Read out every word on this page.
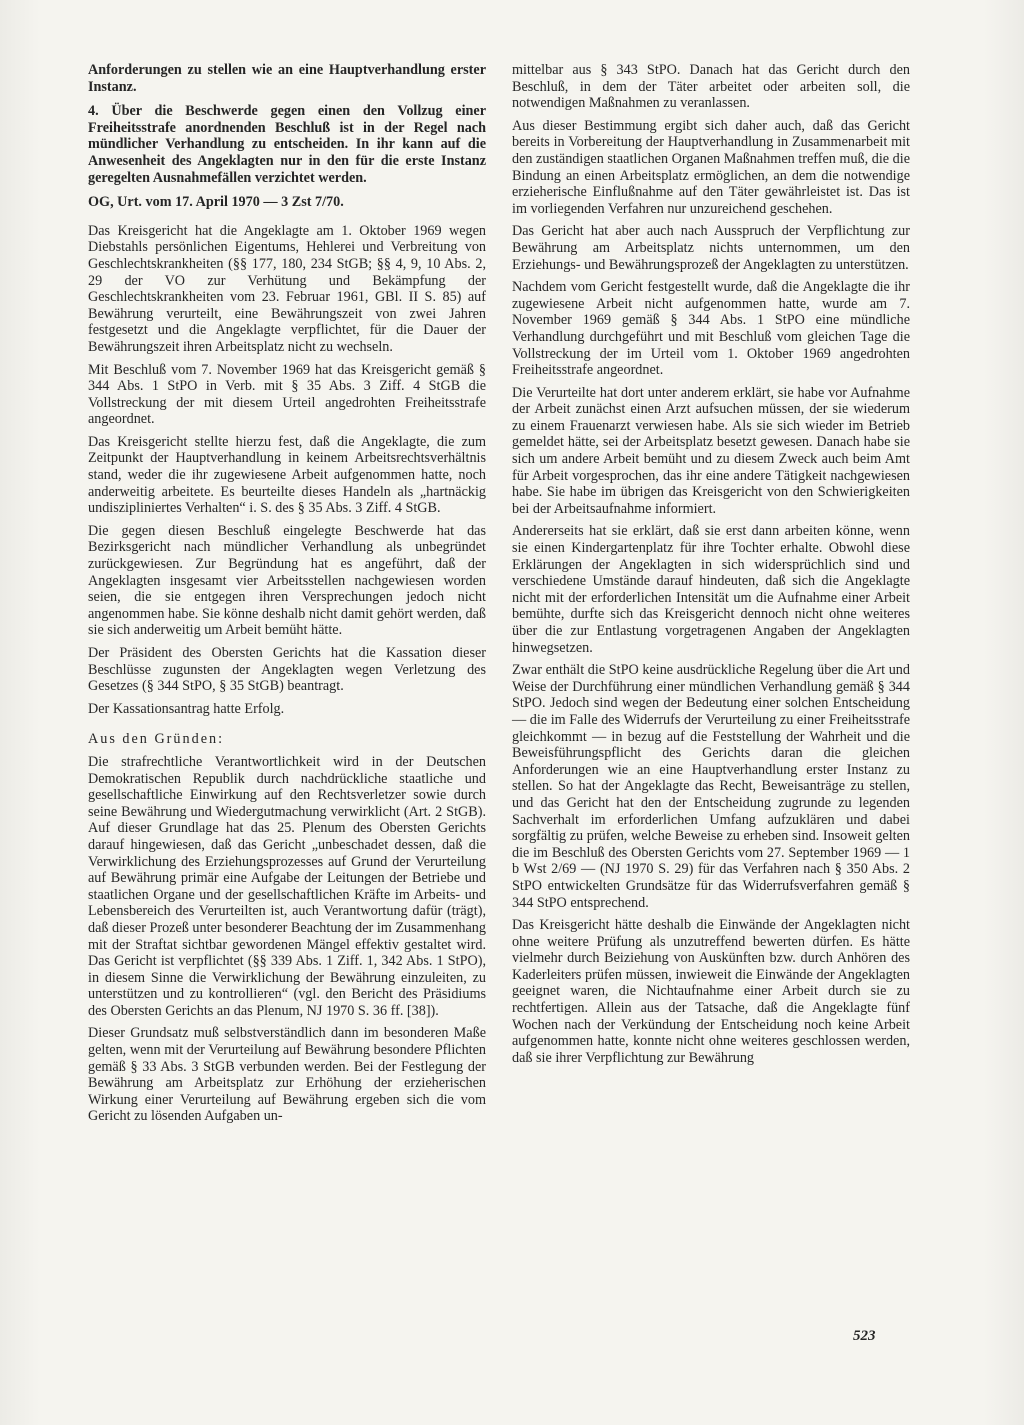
Anforderungen zu stellen wie an eine Hauptverhandlung erster Instanz.

4. Über die Beschwerde gegen einen den Vollzug einer Freiheitsstrafe anordnenden Beschluß ist in der Regel nach mündlicher Verhandlung zu entscheiden. In ihr kann auf die Anwesenheit des Angeklagten nur in den für die erste Instanz geregelten Ausnahmefällen verzichtet werden.

OG, Urt. vom 17. April 1970 — 3 Zst 7/70.

Das Kreisgericht hat die Angeklagte am 1. Oktober 1969 wegen Diebstahls persönlichen Eigentums, Hehlerei und Verbreitung von Geschlechtskrankheiten (§§ 177, 180, 234 StGB; §§ 4, 9, 10 Abs. 2, 29 der VO zur Verhütung und Bekämpfung der Geschlechtskrankheiten vom 23. Februar 1961, GBl. II S. 85) auf Bewährung verurteilt, eine Bewährungszeit von zwei Jahren festgesetzt und die Angeklagte verpflichtet, für die Dauer der Bewährungszeit ihren Arbeitsplatz nicht zu wechseln.

Mit Beschluß vom 7. November 1969 hat das Kreisgericht gemäß § 344 Abs. 1 StPO in Verb. mit § 35 Abs. 3 Ziff. 4 StGB die Vollstreckung der mit diesem Urteil angedrohten Freiheitsstrafe angeordnet.

Das Kreisgericht stellte hierzu fest, daß die Angeklagte, die zum Zeitpunkt der Hauptverhandlung in keinem Arbeitsrechtsverhältnis stand, weder die ihr zugewiesene Arbeit aufgenommen hatte, noch anderweitig arbeitete. Es beurteilte dieses Handeln als „hartnäckig undiszipliniertes Verhalten“ i. S. des § 35 Abs. 3 Ziff. 4 StGB.

Die gegen diesen Beschluß eingelegte Beschwerde hat das Bezirksgericht nach mündlicher Verhandlung als unbegründet zurückgewiesen. Zur Begründung hat es angeführt, daß der Angeklagten insgesamt vier Arbeitsstellen nachgewiesen worden seien, die sie entgegen ihren Versprechungen jedoch nicht angenommen habe. Sie könne deshalb nicht damit gehört werden, daß sie sich anderweitig um Arbeit bemüht hätte.

Der Präsident des Obersten Gerichts hat die Kassation dieser Beschlüsse zugunsten der Angeklagten wegen Verletzung des Gesetzes (§ 344 StPO, § 35 StGB) beantragt.

Der Kassationsantrag hatte Erfolg.

Aus den Gründen:

Die strafrechtliche Verantwortlichkeit wird in der Deutschen Demokratischen Republik durch nachdrückliche staatliche und gesellschaftliche Einwirkung auf den Rechtsverletzer sowie durch seine Bewährung und Wiedergutmachung verwirklicht (Art. 2 StGB). Auf dieser Grundlage hat das 25. Plenum des Obersten Gerichts darauf hingewiesen, daß das Gericht „unbeschadet dessen, daß die Verwirklichung des Erziehungsprozesses auf Grund der Verurteilung auf Bewährung primär eine Aufgabe der Leitungen der Betriebe und staatlichen Organe und der gesellschaftlichen Kräfte im Arbeits- und Lebensbereich des Verurteilten ist, auch Verantwortung dafür (trägt), daß dieser Prozeß unter besonderer Beachtung der im Zusammenhang mit der Straftat sichtbar gewordenen Mängel effektiv gestaltet wird. Das Gericht ist verpflichtet (§§ 339 Abs. 1 Ziff. 1, 342 Abs. 1 StPO), in diesem Sinne die Verwirklichung der Bewährung einzuleiten, zu unterstützen und zu kontrollieren“ (vgl. den Bericht des Präsidiums des Obersten Gerichts an das Plenum, NJ 1970 S. 36 ff. [38]).

Dieser Grundsatz muß selbstverständlich dann im besonderen Maße gelten, wenn mit der Verurteilung auf Bewährung besondere Pflichten gemäß § 33 Abs. 3 StGB verbunden werden. Bei der Festlegung der Bewährung am Arbeitsplatz zur Erhöhung der erzieherischen Wirkung einer Verurteilung auf Bewährung ergeben sich die vom Gericht zu lösenden Aufgaben un-

mittelbar aus § 343 StPO. Danach hat das Gericht durch den Beschluß, in dem der Täter arbeitet oder arbeiten soll, die notwendigen Maßnahmen zu veranlassen.

Aus dieser Bestimmung ergibt sich daher auch, daß das Gericht bereits in Vorbereitung der Hauptverhandlung in Zusammenarbeit mit den zuständigen staatlichen Organen Maßnahmen treffen muß, die die Bindung an einen Arbeitsplatz ermöglichen, an dem die notwendige erzieherische Einflußnahme auf den Täter gewährleistet ist. Das ist im vorliegenden Verfahren nur unzureichend geschehen.

Das Gericht hat aber auch nach Ausspruch der Verpflichtung zur Bewährung am Arbeitsplatz nichts unternommen, um den Erziehungs- und Bewährungsprozeß der Angeklagten zu unterstützen.

Nachdem vom Gericht festgestellt wurde, daß die Angeklagte die ihr zugewiesene Arbeit nicht aufgenommen hatte, wurde am 7. November 1969 gemäß § 344 Abs. 1 StPO eine mündliche Verhandlung durchgeführt und mit Beschluß vom gleichen Tage die Vollstreckung der im Urteil vom 1. Oktober 1969 angedrohten Freiheitsstrafe angeordnet.

Die Verurteilte hat dort unter anderem erklärt, sie habe vor Aufnahme der Arbeit zunächst einen Arzt aufsuchen müssen, der sie wiederum zu einem Frauenarzt verwiesen habe. Als sie sich wieder im Betrieb gemeldet hätte, sei der Arbeitsplatz besetzt gewesen. Danach habe sie sich um andere Arbeit bemüht und zu diesem Zweck auch beim Amt für Arbeit vorgesprochen, das ihr eine andere Tätigkeit nachgewiesen habe. Sie habe im übrigen das Kreisgericht von den Schwierigkeiten bei der Arbeitsaufnahme informiert.

Andererseits hat sie erklärt, daß sie erst dann arbeiten könne, wenn sie einen Kindergartenplatz für ihre Tochter erhalte. Obwohl diese Erklärungen der Angeklagten in sich widersprüchlich sind und verschiedene Umstände darauf hindeuten, daß sich die Angeklagte nicht mit der erforderlichen Intensität um die Aufnahme einer Arbeit bemühte, durfte sich das Kreisgericht dennoch nicht ohne weiteres über die zur Entlastung vorgetragenen Angaben der Angeklagten hinwegsetzen.

Zwar enthält die StPO keine ausdrückliche Regelung über die Art und Weise der Durchführung einer mündlichen Verhandlung gemäß § 344 StPO. Jedoch sind wegen der Bedeutung einer solchen Entscheidung — die im Falle des Widerrufs der Verurteilung zu einer Freiheitsstrafe gleichkommt — in bezug auf die Feststellung der Wahrheit und die Beweisführungspflicht des Gerichts daran die gleichen Anforderungen wie an eine Hauptverhandlung erster Instanz zu stellen. So hat der Angeklagte das Recht, Beweisanträge zu stellen, und das Gericht hat den der Entscheidung zugrunde zu legenden Sachverhalt im erforderlichen Umfang aufzuklären und dabei sorgfältig zu prüfen, welche Beweise zu erheben sind. Insoweit gelten die im Beschluß des Obersten Gerichts vom 27. September 1969 — 1 b Wst 2/69 — (NJ 1970 S. 29) für das Verfahren nach § 350 Abs. 2 StPO entwickelten Grundsätze für das Widerrufsverfahren gemäß § 344 StPO entsprechend.

Das Kreisgericht hätte deshalb die Einwände der Angeklagten nicht ohne weitere Prüfung als unzutreffend bewerten dürfen. Es hätte vielmehr durch Beiziehung von Auskünften bzw. durch Anhören des Kaderleiters prüfen müssen, inwieweit die Einwände der Angeklagten geeignet waren, die Nichtaufnahme einer Arbeit durch sie zu rechtfertigen. Allein aus der Tatsache, daß die Angeklagte fünf Wochen nach der Verkündung der Entscheidung noch keine Arbeit aufgenommen hatte, konnte nicht ohne weiteres geschlossen werden, daß sie ihrer Verpflichtung zur Bewährung

523
